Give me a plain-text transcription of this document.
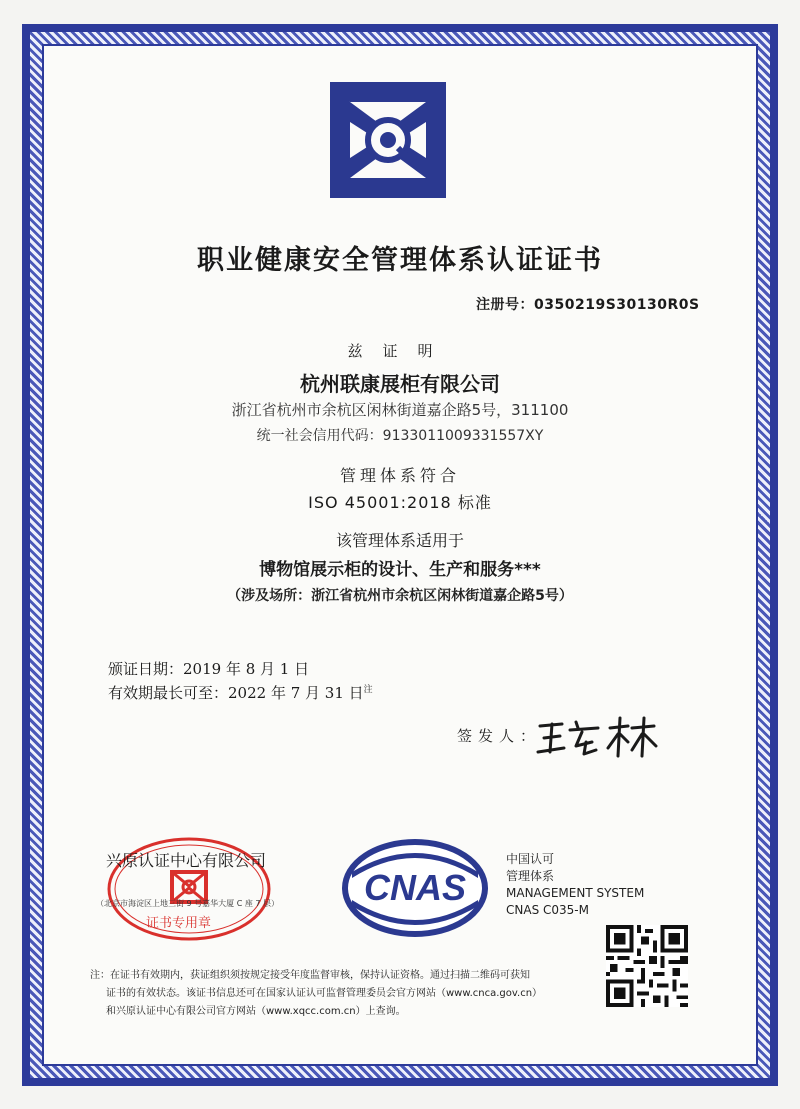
职业健康安全管理体系认证证书
注册号：0350219S30130R0S
兹证明
杭州联康展柜有限公司
浙江省杭州市余杭区闲林街道嘉企路5号，311100
统一社会信用代码：9133011009331557XY
管理体系符合
ISO 45001:2018 标准
该管理体系适用于
博物馆展示柜的设计、生产和服务***
（涉及场所：浙江省杭州市余杭区闲林街道嘉企路5号）
颁证日期：2019 年 8 月 1 日
有效期最长可至：2022 年 7 月 31 日$^注$
签发人：
兴原认证中心有限公司
（北京市海淀区上地三街 9 号嘉华大厦 C 座 7 层）
证书专用章
CNAS
中国认可
管理体系
MANAGEMENT SYSTEM
CNAS C035-M
注：在证书有效期内，获证组织须按规定接受年度监督审核，保持认证资格。通过扫描二维码可获知
证书的有效状态。该证书信息还可在国家认证认可监督管理委员会官方网站（www.cnca.gov.cn）
和兴原认证中心有限公司官方网站（www.xqcc.com.cn）上查询。
